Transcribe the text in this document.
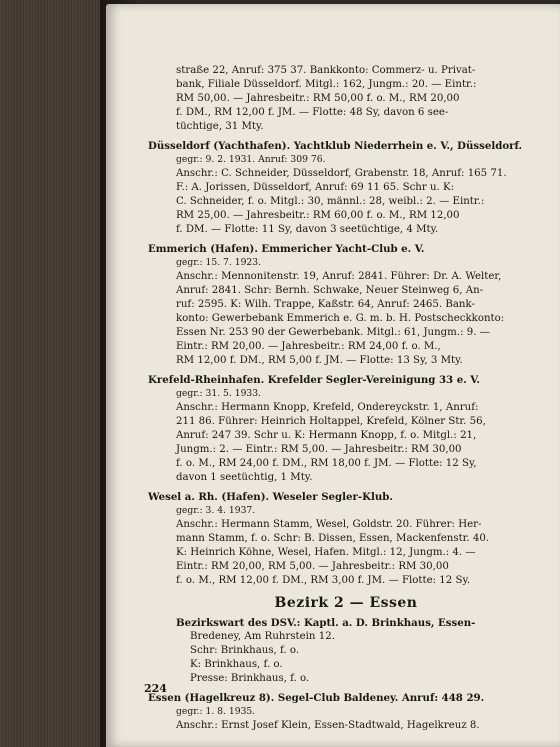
straße 22, Anruf: 375 37. Bankkonto: Commerz- u. Privat-
bank, Filiale Düsseldorf. Mitgl.: 162, Jungm.: 20. — Eintr.:
RM 50,00. — Jahresbeitr.: RM 50,00 f. o. M., RM 20,00
f. DM., RM 12,00 f. JM. — Flotte: 48 Sy, davon 6 see-
tüchtige, 31 Mty.
Düsseldorf (Yachthafen). Yachtklub Niederrhein e. V., Düsseldorf.
gegr.: 9. 2. 1931. Anruf: 309 76.
Anschr.: C. Schneider, Düsseldorf, Grabenstr. 18, Anruf: 165 71.
F.: A. Jorissen, Düsseldorf, Anruf: 69 11 65. Schr u. K:
C. Schneider, f. o. Mitgl.: 30, männl.: 28, weibl.: 2. — Eintr.:
RM 25,00. — Jahresbeitr.: RM 60,00 f. o. M., RM 12,00
f. DM. — Flotte: 11 Sy, davon 3 seetüchtige, 4 Mty.
Emmerich (Hafen). Emmericher Yacht-Club e. V.
gegr.: 15. 7. 1923.
Anschr.: Mennonitenstr. 19, Anruf: 2841. Führer: Dr. A. Welter,
Anruf: 2841. Schr: Bernh. Schwake, Neuer Steinweg 6, An-
ruf: 2595. K: Wilh. Trappe, Kaßstr. 64, Anruf: 2465. Bank-
konto: Gewerbebank Emmerich e. G. m. b. H. Postscheckkonto:
Essen Nr. 253 90 der Gewerbebank. Mitgl.: 61, Jungm.: 9. —
Eintr.: RM 20,00. — Jahresbeitr.: RM 24,00 f. o. M.,
RM 12,00 f. DM., RM 5,00 f. JM. — Flotte: 13 Sy, 3 Mty.
Krefeld-Rheinhafen. Krefelder Segler-Vereinigung 33 e. V.
gegr.: 31. 5. 1933.
Anschr.: Hermann Knopp, Krefeld, Ondereyckstr. 1, Anruf:
211 86. Führer: Heinrich Holtappel, Krefeld, Kölner Str. 56,
Anruf: 247 39. Schr u. K: Hermann Knopp, f. o. Mitgl.: 21,
Jungm.: 2. — Eintr.: RM 5,00. — Jahresbeitr.: RM 30,00
f. o. M., RM 24,00 f. DM., RM 18,00 f. JM. — Flotte: 12 Sy,
davon 1 seetüchtig, 1 Mty.
Wesel a. Rh. (Hafen). Weseler Segler-Klub.
gegr.: 3. 4. 1937.
Anschr.: Hermann Stamm, Wesel, Goldstr. 20. Führer: Her-
mann Stamm, f. o. Schr: B. Dissen, Essen, Mackenfenstr. 40.
K: Heinrich Köhne, Wesel, Hafen. Mitgl.: 12, Jungm.: 4. —
Eintr.: RM 20,00, RM 5,00. — Jahresbeitr.: RM 30,00
f. o. M., RM 12,00 f. DM., RM 3,00 f. JM. — Flotte: 12 Sy.
Bezirk 2 — Essen
Bezirkswart des DSV.: Kaptl. a. D. Brinkhaus, Essen-
Bredeney, Am Ruhrstein 12.
Schr: Brinkhaus, f. o.
K: Brinkhaus, f. o.
Presse: Brinkhaus, f. o.
Essen (Hagelkreuz 8). Segel-Club Baldeney. Anruf: 448 29.
gegr.: 1. 8. 1935.
Anschr.: Ernst Josef Klein, Essen-Stadtwald, Hagelkreuz 8.
224
